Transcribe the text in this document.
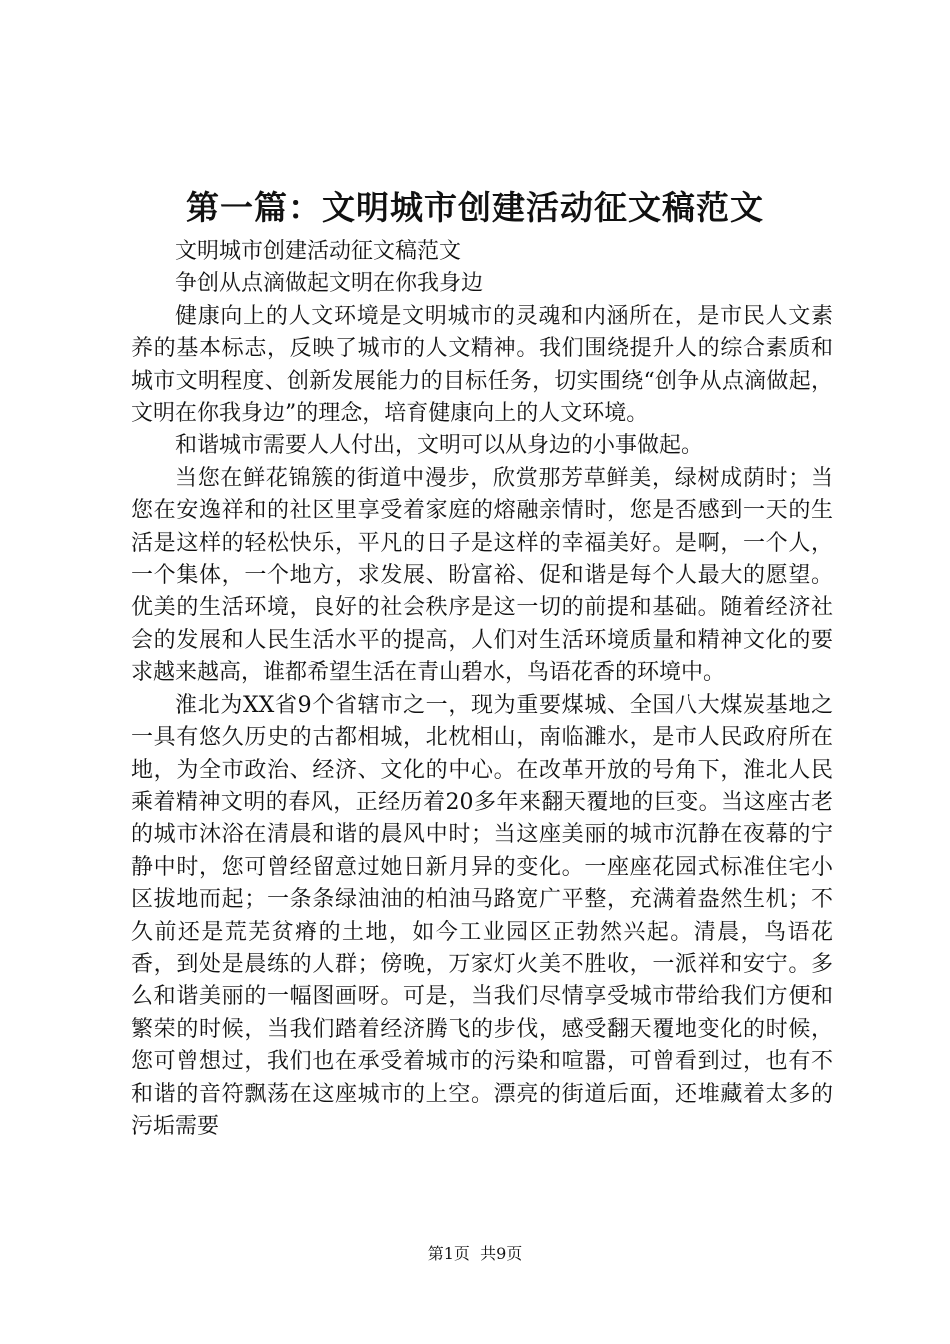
第一篇：文明城市创建活动征文稿范文

文明城市创建活动征文稿范文

争创从点滴做起文明在你我身边

健康向上的人文环境是文明城市的灵魂和内涵所在，是市民人文素养的基本标志，反映了城市的人文精神。我们围绕提升人的综合素质和城市文明程度、创新发展能力的目标任务，切实围绕“创争从点滴做起，文明在你我身边”的理念，培育健康向上的人文环境。

和谐城市需要人人付出，文明可以从身边的小事做起。

当您在鲜花锦簇的街道中漫步，欣赏那芳草鲜美，绿树成荫时；当您在安逸祥和的社区里享受着家庭的熔融亲情时，您是否感到一天的生活是这样的轻松快乐，平凡的日子是这样的幸福美好。是啊，一个人，一个集体，一个地方，求发展、盼富裕、促和谐是每个人最大的愿望。优美的生活环境，良好的社会秩序是这一切的前提和基础。随着经济社会的发展和人民生活水平的提高，人们对生活环境质量和精神文化的要求越来越高，谁都希望生活在青山碧水，鸟语花香的环境中。

淮北为XX省9个省辖市之一，现为重要煤城、全国八大煤炭基地之一具有悠久历史的古都相城，北枕相山，南临濉水，是市人民政府所在地，为全市政治、经济、文化的中心。在改革开放的号角下，淮北人民乘着精神文明的春风，正经历着20多年来翻天覆地的巨变。当这座古老的城市沐浴在清晨和谐的晨风中时；当这座美丽的城市沉静在夜幕的宁静中时，您可曾经留意过她日新月异的变化。一座座花园式标准住宅小区拔地而起；一条条绿油油的柏油马路宽广平整，充满着盎然生机；不久前还是荒芜贫瘠的土地，如今工业园区正勃然兴起。清晨，鸟语花香，到处是晨练的人群；傍晚，万家灯火美不胜收，一派祥和安宁。多么和谐美丽的一幅图画呀。可是，当我们尽情享受城市带给我们方便和繁荣的时候，当我们踏着经济腾飞的步伐，感受翻天覆地变化的时候，您可曾想过，我们也在承受着城市的污染和喧嚣，可曾看到过，也有不和谐的音符飘荡在这座城市的上空。漂亮的街道后面，还堆藏着太多的污垢需要

第1页 共9页
